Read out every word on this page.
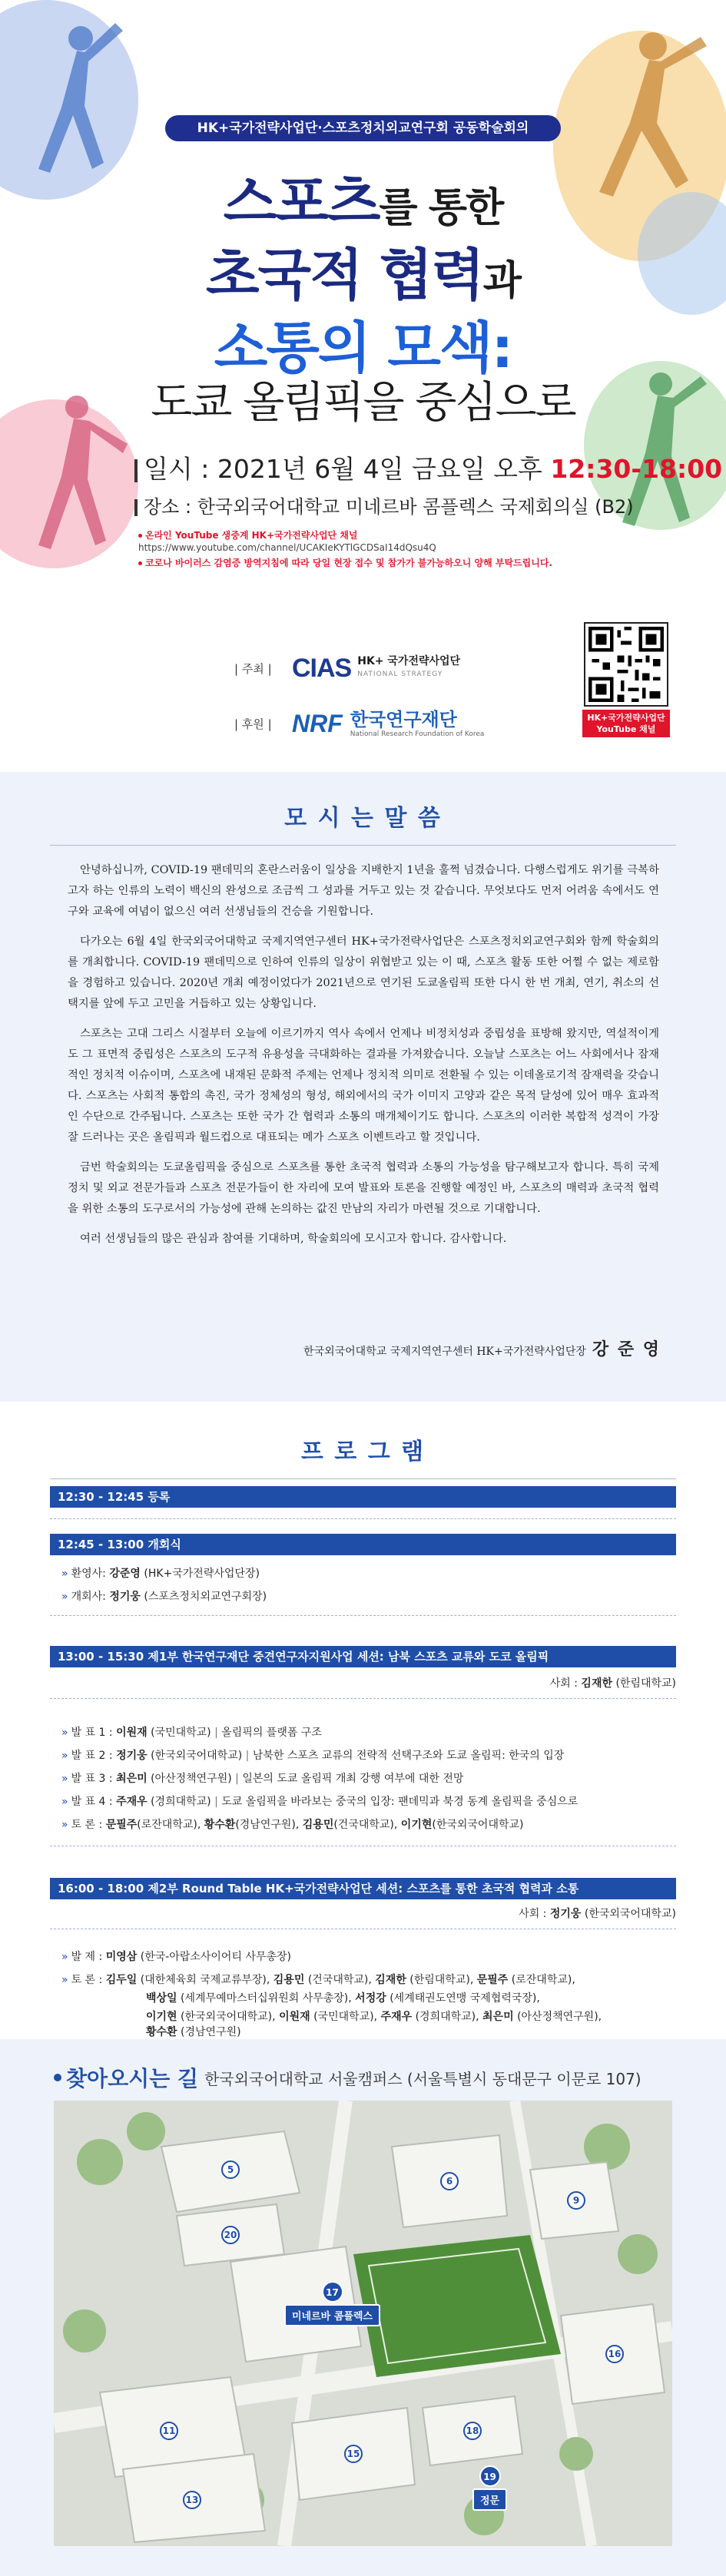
HK+국가전략사업단·스포츠정치외교연구회 공동학술회의
스포츠를 통한
초국적 협력과
소통의 모색:
도쿄 올림픽을 중심으로
일시 : 2021년 6월 4일 금요일 오후 12:30-18:00
장소 : 한국외국어대학교 미네르바 콤플렉스 국제회의실 (B2)
온라인 YouTube 생중계 HK+국가전략사업단 채널
https://www.youtube.com/channel/UCAKIeKYTlGCDSaI14dQsu4Q
코로나 바이러스 감염증 방역지침에 따라 당일 현장 접수 및 참가가 불가능하오니 양해 부탁드립니다.
| 주최 | CIAS HK+ 국가전략사업단
NATIONAL STRATEGY
| 후원 | NRF 한국연구재단
National Research Foundation of Korea
HK+국가전략사업단
YouTube 채널
모 시 는 말 씀

안녕하십니까, COVID-19 팬데믹의 혼란스러움이 일상을 지배한지 1년을 훌쩍 넘겼습니다. 다행스럽게도 위기를 극복하고자 하는 인류의 노력이 백신의 완성으로 조금씩 그 성과를 거두고 있는 것 같습니다. 무엇보다도 먼저 어려움 속에서도 연구와 교육에 여념이 없으신 여러 선생님들의 건승을 기원합니다.

다가오는 6월 4일 한국외국어대학교 국제지역연구센터 HK+국가전략사업단은 스포츠정치외교연구회와 함께 학술회의를 개최합니다. COVID-19 팬데믹으로 인하여 인류의 일상이 위협받고 있는 이 때, 스포츠 활동 또한 어쩔 수 없는 제로함을 경험하고 있습니다. 2020년 개최 예정이었다가 2021년으로 연기된 도쿄올림픽 또한 다시 한 번 개최, 연기, 취소의 선택지를 앞에 두고 고민을 거듭하고 있는 상황입니다.

스포츠는 고대 그리스 시절부터 오늘에 이르기까지 역사 속에서 언제나 비정치성과 중립성을 표방해 왔지만, 역설적이게도 그 표면적 중립성은 스포츠의 도구적 유용성을 극대화하는 결과를 가져왔습니다. 오늘날 스포츠는 어느 사회에서나 잠재적인 정치적 이슈이며, 스포츠에 내재된 문화적 주제는 언제나 정치적 의미로 전환될 수 있는 이데올로기적 잠재력을 갖습니다. 스포츠는 사회적 통합의 촉진, 국가 정체성의 형성, 해외에서의 국가 이미지 고양과 같은 목적 달성에 있어 매우 효과적인 수단으로 간주됩니다. 스포츠는 또한 국가 간 협력과 소통의 매개체이기도 합니다. 스포츠의 이러한 복합적 성격이 가장 잘 드러나는 곳은 올림픽과 월드컵으로 대표되는 메가 스포츠 이벤트라고 할 것입니다.

금번 학술회의는 도쿄올림픽을 중심으로 스포츠를 통한 초국적 협력과 소통의 가능성을 탐구해보고자 합니다. 특히 국제정치 및 외교 전문가들과 스포츠 전문가들이 한 자리에 모여 발표와 토론을 진행할 예정인 바, 스포츠의 매력과 초국적 협력을 위한 소통의 도구로서의 가능성에 관해 논의하는 값진 만남의 자리가 마련될 것으로 기대합니다.

여러 선생님들의 많은 관심과 참여를 기대하며, 학술회의에 모시고자 합니다. 감사합니다.

한국외국어대학교 국제지역연구센터 HK+국가전략사업단장 강 준 영
프 로 그 램
12:30 - 12:45 등록
12:45 - 13:00 개회식
» 환영사: 강준영 (HK+국가전략사업단장)
» 개회사: 정기웅 (스포츠정치외교연구회장)
13:00 - 15:30 제1부 한국연구재단 중견연구자지원사업 세션: 남북 스포츠 교류와 도코 올림픽
사회 : 김재한 (한림대학교)
» 발 표 1 : 이원재 (국민대학교) | 올림픽의 플랫폼 구조
» 발 표 2 : 정기웅 (한국외국어대학교) | 남북한 스포츠 교류의 전략적 선택구조와 도쿄 올림픽: 한국의 입장
» 발 표 3 : 최은미 (아산정책연구원) | 일본의 도쿄 올림픽 개최 강행 여부에 대한 전망
» 발 표 4 : 주재우 (경희대학교) | 도쿄 올림픽을 바라보는 중국의 입장: 팬데믹과 북경 동계 올림픽을 중심으로
» 토 론 : 문필주(로잔대학교), 황수환(경남연구원), 김용민(건국대학교), 이기현(한국외국어대학교)
16:00 - 18:00 제2부 Round Table HK+국가전략사업단 세션: 스포츠를 통한 초국적 협력과 소통
사회 : 정기웅 (한국외국어대학교)
» 발 제 : 미영삼 (한국-아랍소사이어티 사무총장)
» 토 론 : 김두일 (대한체육회 국제교류부장), 김용민 (건국대학교), 김재한 (한림대학교), 문필주 (로잔대학교),
백상일 (세계무예마스터십위원회 사무총장), 서정강 (세계태권도연맹 국제협력국장),
이기현 (한국외국어대학교), 이원재 (국민대학교), 주재우 (경희대학교), 최은미 (아산정책연구원),
황수환 (경남연구원)
찾아오시는 길 한국외국어대학교 서울캠퍼스 (서울특별시 동대문구 이문로 107)
5
6
9
11
13
15
16
18
20
17
미네르바 콤플렉스
19
정문
